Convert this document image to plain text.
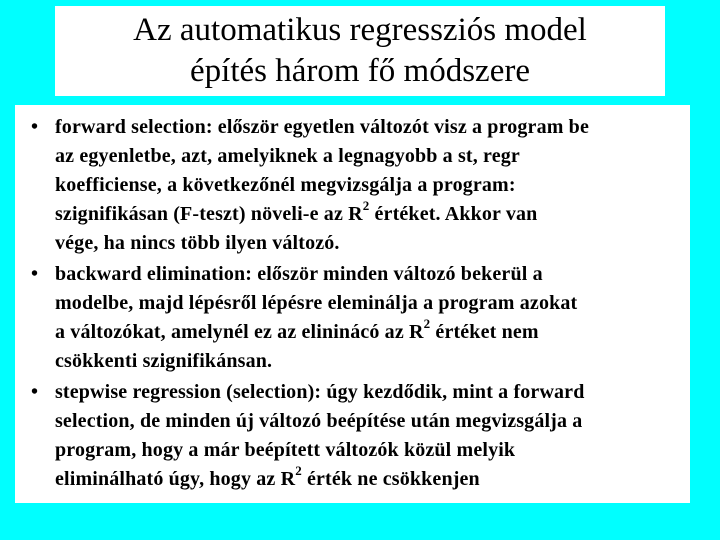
Az automatikus regressziós model
építés három fő módszere
• forward selection: először egyetlen változót visz a program be
az egyenletbe, azt, amelyiknek a legnagyobb a st, regr
koefficiense, a következőnél megvizsgálja a program:
szignifikásan (F-teszt) növeli-e az $R^2$ értéket. Akkor van
vége, ha nincs több ilyen változó.
• backward elimination: először minden változó bekerül a
modelbe, majd lépésről lépésre eleminálja a program azokat
a változókat, amelynél ez az elininácó az $R^2$ értéket nem
csökkenti szignifikánsan.
• stepwise regression (selection): úgy kezdődik, mint a forward
selection, de minden új változó beépítése után megvizsgálja a
program, hogy a már beépített változók közül melyik
eliminálható úgy, hogy az $R^2$ érték ne csökkenjen
